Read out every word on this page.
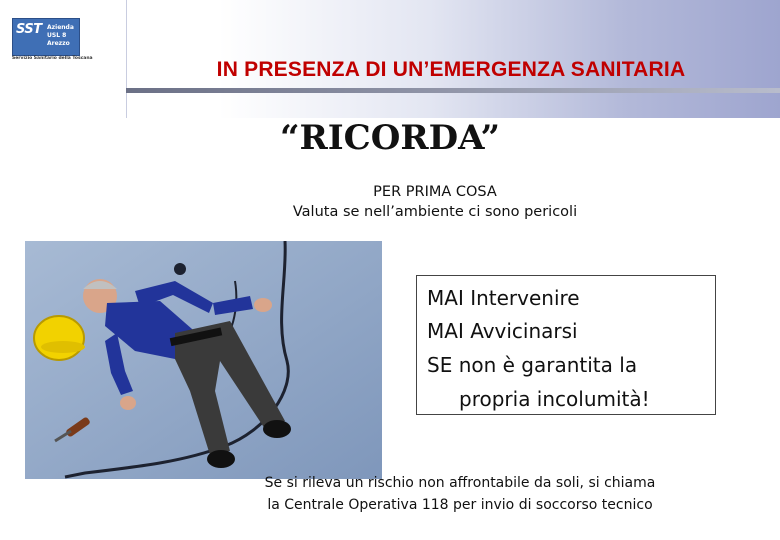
SST Azienda
USL 8
Arezzo
Servizio Sanitario della Toscana	IN PRESENZA DI UN’EMERGENZA SANITARIA
“RICORDA”
PER PRIMA COSA
Valuta se nell’ambiente ci sono pericoli
MAI Intervenire
MAI Avvicinarsi
SE non è garantita la
propria incolumità!
Se si rileva un rischio non affrontabile da soli, si chiama
la Centrale Operativa 118 per invio di soccorso tecnico
